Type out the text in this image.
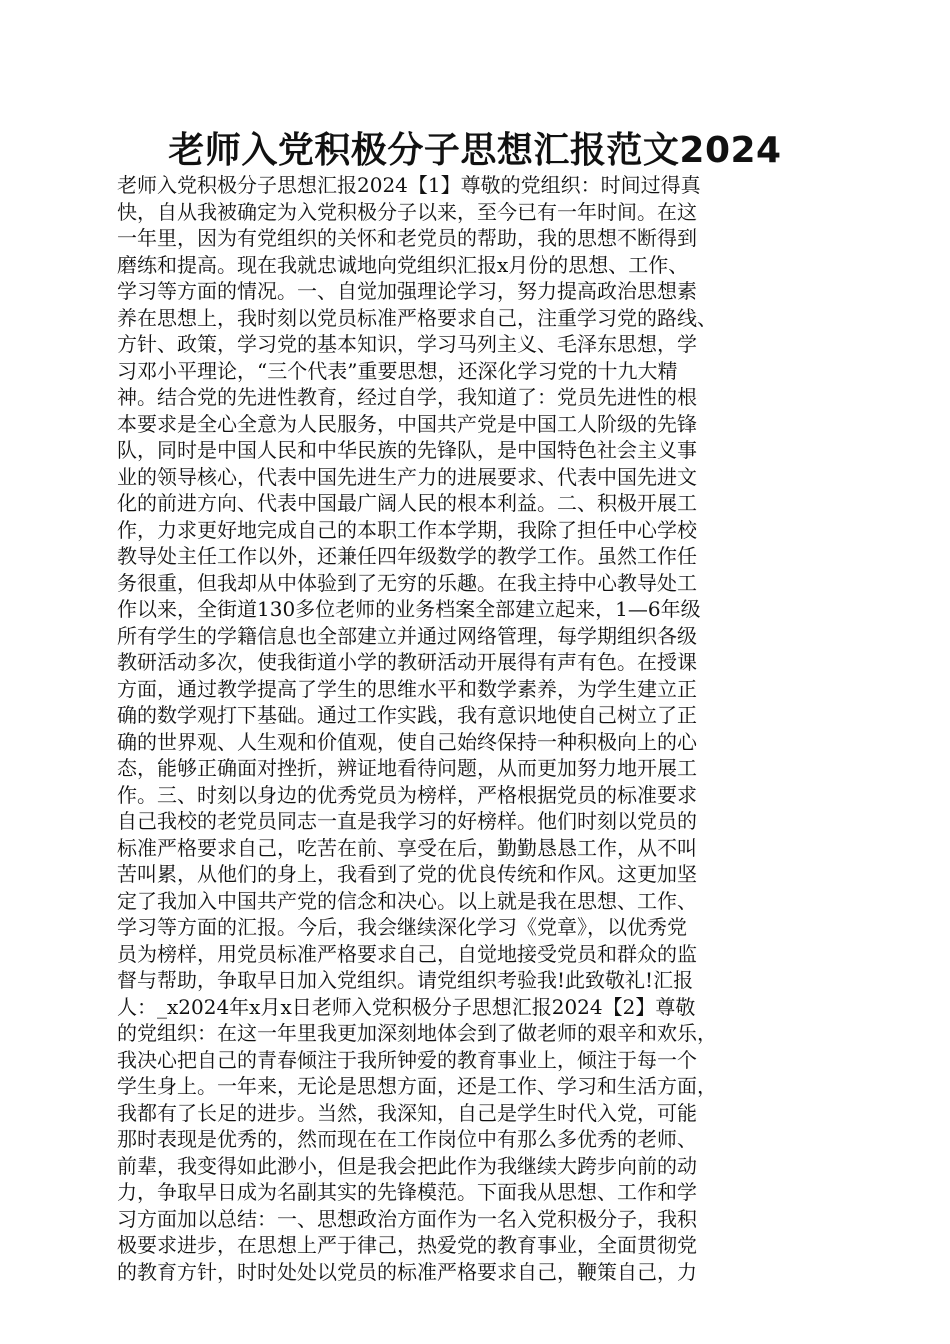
老师入党积极分子思想汇报范文2024
老师入党积极分子思想汇报2024【1】尊敬的党组织：时间过得真
快，自从我被确定为入党积极分子以来，至今已有一年时间。在这
一年里，因为有党组织的关怀和老党员的帮助，我的思想不断得到
磨练和提高。现在我就忠诚地向党组织汇报x月份的思想、工作、
学习等方面的情况。一、自觉加强理论学习，努力提高政治思想素
养在思想上，我时刻以党员标准严格要求自己，注重学习党的路线、
方针、政策，学习党的基本知识，学习马列主义、毛泽东思想，学
习邓小平理论，“三个代表”重要思想，还深化学习党的十九大精
神。结合党的先进性教育，经过自学，我知道了：党员先进性的根
本要求是全心全意为人民服务，中国共产党是中国工人阶级的先锋
队，同时是中国人民和中华民族的先锋队，是中国特色社会主义事
业的领导核心，代表中国先进生产力的进展要求、代表中国先进文
化的前进方向、代表中国最广阔人民的根本利益。二、积极开展工
作，力求更好地完成自己的本职工作本学期，我除了担任中心学校
教导处主任工作以外，还兼任四年级数学的教学工作。虽然工作任
务很重，但我却从中体验到了无穷的乐趣。在我主持中心教导处工
作以来，全街道130多位老师的业务档案全部建立起来，1—6年级
所有学生的学籍信息也全部建立并通过网络管理，每学期组织各级
教研活动多次，使我街道小学的教研活动开展得有声有色。在授课
方面，通过教学提高了学生的思维水平和数学素养，为学生建立正
确的数学观打下基础。通过工作实践，我有意识地使自己树立了正
确的世界观、人生观和价值观，使自己始终保持一种积极向上的心
态，能够正确面对挫折，辨证地看待问题，从而更加努力地开展工
作。三、时刻以身边的优秀党员为榜样，严格根据党员的标准要求
自己我校的老党员同志一直是我学习的好榜样。他们时刻以党员的
标准严格要求自己，吃苦在前、享受在后，勤勤恳恳工作，从不叫
苦叫累，从他们的身上，我看到了党的优良传统和作风。这更加坚
定了我加入中国共产党的信念和决心。以上就是我在思想、工作、
学习等方面的汇报。今后，我会继续深化学习《党章》，以优秀党
员为榜样，用党员标准严格要求自己，自觉地接受党员和群众的监
督与帮助，争取早日加入党组织。请党组织考验我!此致敬礼!汇报
人：_x2024年x月x日老师入党积极分子思想汇报2024【2】尊敬
的党组织：在这一年里我更加深刻地体会到了做老师的艰辛和欢乐，
我决心把自己的青春倾注于我所钟爱的教育事业上，倾注于每一个
学生身上。一年来，无论是思想方面，还是工作、学习和生活方面，
我都有了长足的进步。当然，我深知，自己是学生时代入党，可能
那时表现是优秀的，然而现在在工作岗位中有那么多优秀的老师、
前辈，我变得如此渺小，但是我会把此作为我继续大跨步向前的动
力，争取早日成为名副其实的先锋模范。下面我从思想、工作和学
习方面加以总结：一、思想政治方面作为一名入党积极分子，我积
极要求进步，在思想上严于律己，热爱党的教育事业，全面贯彻党
的教育方针，时时处处以党员的标准严格要求自己，鞭策自己，力
